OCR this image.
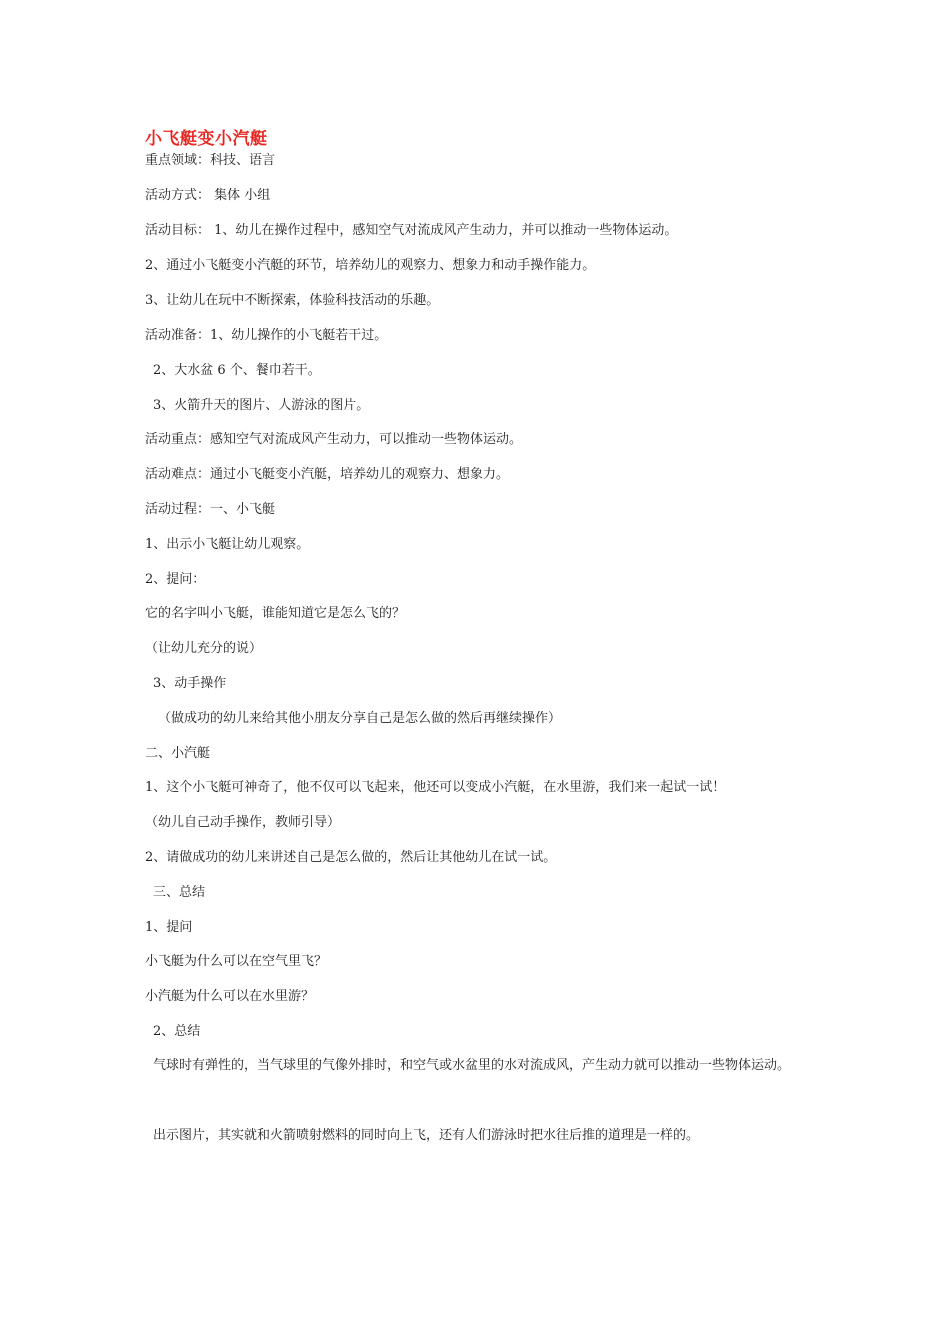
小飞艇变小汽艇
重点领域：科技、语言
活动方式： 集体 小组
活动目标： 1、幼儿在操作过程中，感知空气对流成风产生动力，并可以推动一些物体运动。
2、通过小飞艇变小汽艇的环节，培养幼儿的观察力、想象力和动手操作能力。
3、让幼儿在玩中不断探索，体验科技活动的乐趣。
活动准备：1、幼儿操作的小飞艇若干过。
2、大水盆 6 个、餐巾若干。
3、火箭升天的图片、人游泳的图片。
活动重点：感知空气对流成风产生动力，可以推动一些物体运动。
活动难点：通过小飞艇变小汽艇，培养幼儿的观察力、想象力。
活动过程：一、小飞艇
1、出示小飞艇让幼儿观察。
2、提问：
它的名字叫小飞艇，谁能知道它是怎么飞的？
（让幼儿充分的说）
3、动手操作
（做成功的幼儿来给其他小朋友分享自己是怎么做的然后再继续操作）
二、小汽艇
1、这个小飞艇可神奇了，他不仅可以飞起来，他还可以变成小汽艇，在水里游，我们来一起试一试！
（幼儿自己动手操作，教师引导）
2、请做成功的幼儿来讲述自己是怎么做的，然后让其他幼儿在试一试。
三、总结
1、提问
小飞艇为什么可以在空气里飞？
小汽艇为什么可以在水里游？
2、总结
气球时有弹性的，当气球里的气像外排时，和空气或水盆里的水对流成风，产生动力就可以推动一些物体运动。
出示图片，其实就和火箭喷射燃料的同时向上飞，还有人们游泳时把水往后推的道理是一样的。
